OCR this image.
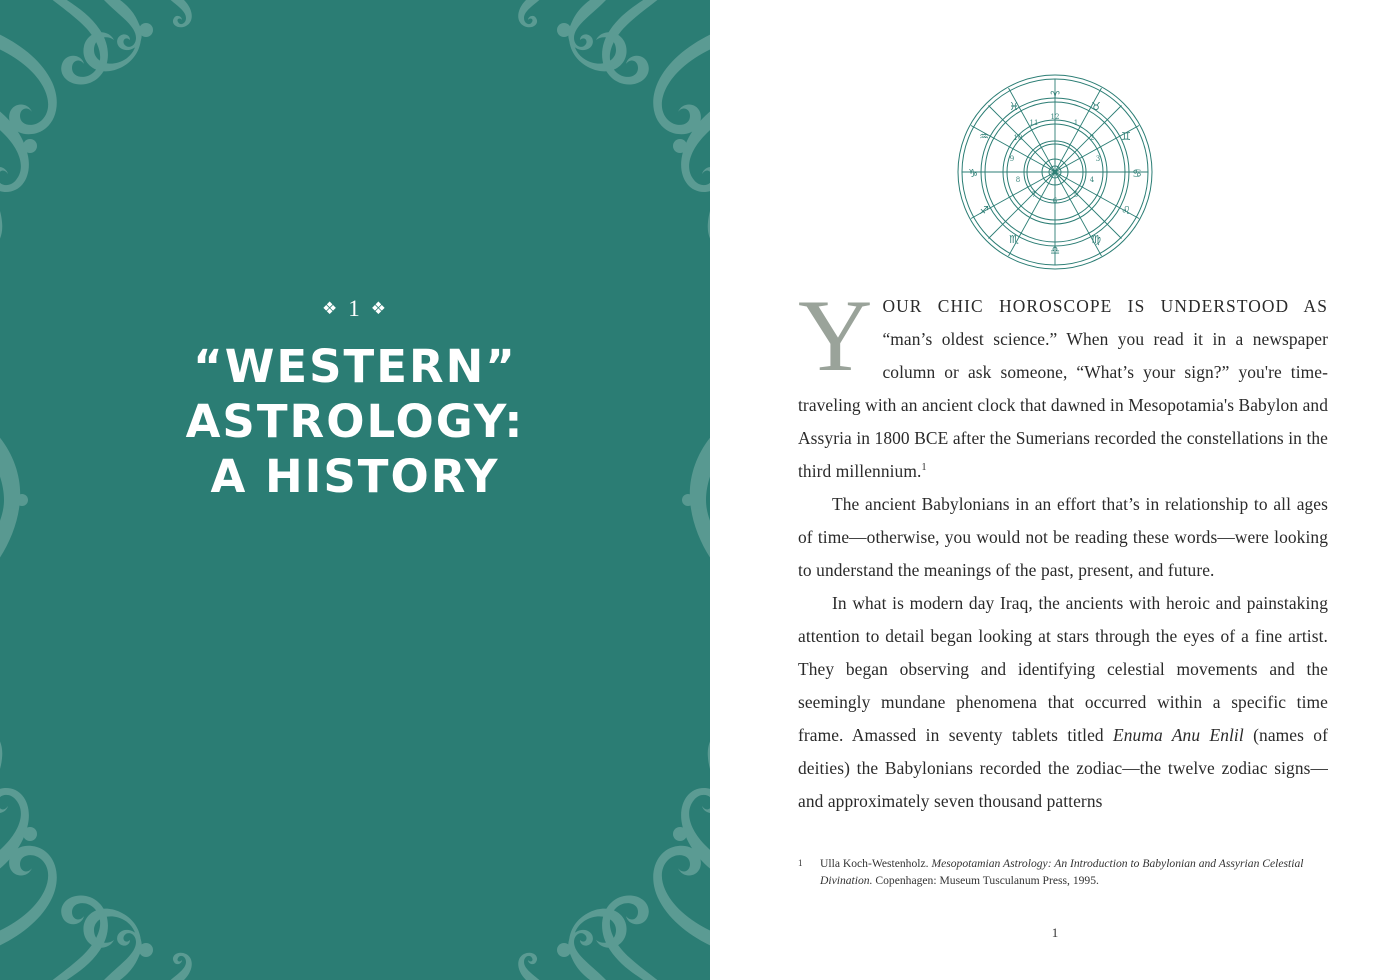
❖ 1 ❖
“WESTERN”
ASTROLOGY:
A HISTORY
♈
♉
♊
♋
♌
♍
♎
♏
♐
♑
♒
♓
12
1
2
3
4
5
6
7
8
9
10
11

YOUR CHIC HOROSCOPE IS UNDERSTOOD AS “man’s oldest science.” When you read it in a newspaper column or ask someone, “What’s your sign?” you're time-traveling with an ancient clock that dawned in Mesopotamia's Babylon and Assyria in 1800 BCE after the Sumerians recorded the constellations in the third millennium.$^1$

The ancient Babylonians in an effort that’s in relationship to all ages of time—otherwise, you would not be reading these words—were looking to understand the meanings of the past, present, and future.

In what is modern day Iraq, the ancients with heroic and painstaking attention to detail began looking at stars through the eyes of a fine artist. They began observing and identifying celestial movements and the seemingly mundane phenomena that occurred within a specific time frame. Amassed in seventy tablets titled Enuma Anu Enlil (names of deities) the Babylonians recorded the zodiac—the twelve zodiac signs—and approximately seven thousand patterns

1	Ulla Koch-Westenholz. Mesopotamian Astrology: An Introduction to Babylonian and Assyrian Celestial Divination. Copenhagen: Museum Tusculanum Press, 1995.
1
